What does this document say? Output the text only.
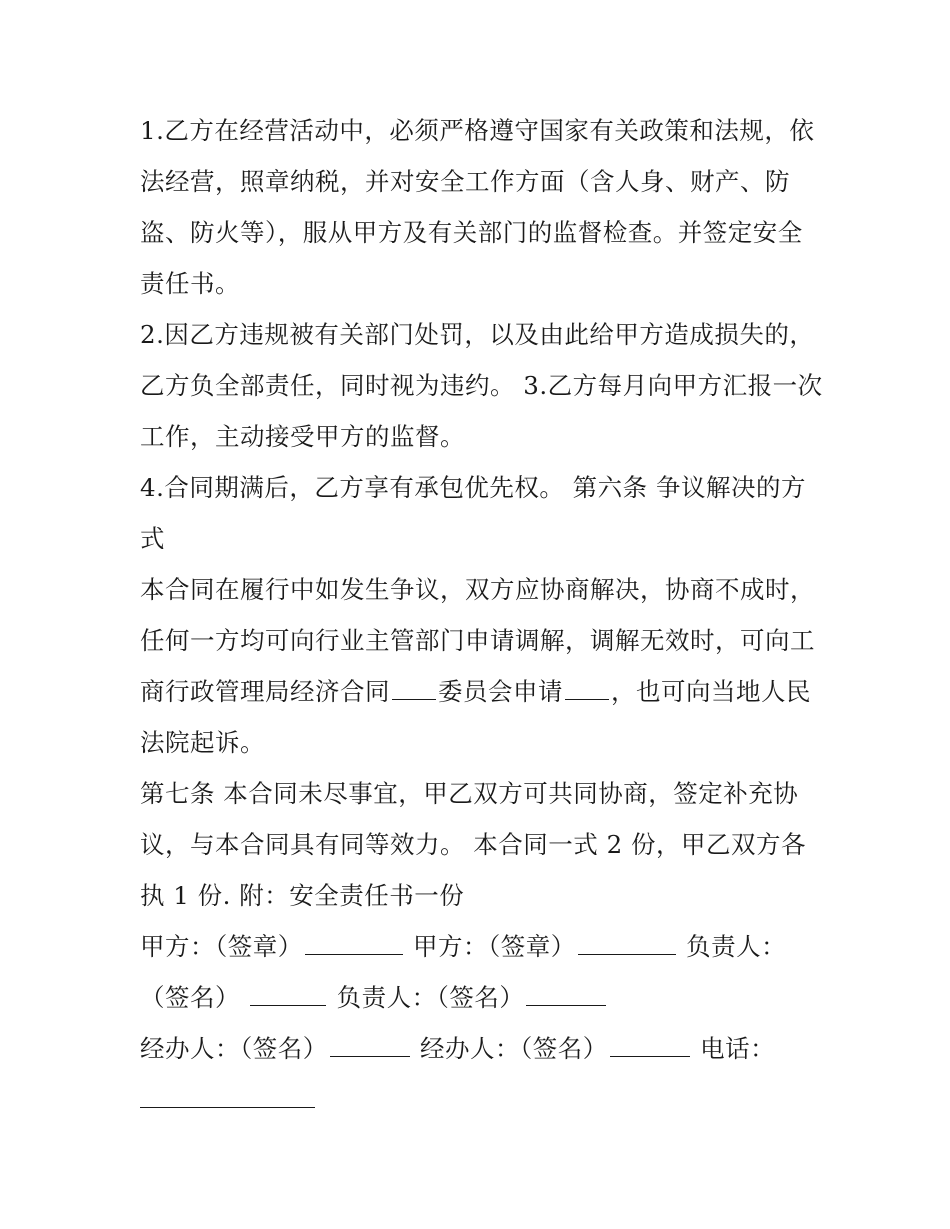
1.乙方在经营活动中，必须严格遵守国家有关政策和法规，依
法经营，照章纳税，并对安全工作方面（含人身、财产、防
盗、防火等），服从甲方及有关部门的监督检查。并签定安全
责任书。
2.因乙方违规被有关部门处罚，以及由此给甲方造成损失的，
乙方负全部责任，同时视为违约。 3.乙方每月向甲方汇报一次
工作，主动接受甲方的监督。
4.合同期满后，乙方享有承包优先权。 第六条 争议解决的方
式
本合同在履行中如发生争议，双方应协商解决，协商不成时，
任何一方均可向行业主管部门申请调解，调解无效时，可向工
商行政管理局经济合同 委员会申请 ，也可向当地人民
法院起诉。
第七条 本合同未尽事宜，甲乙双方可共同协商，签定补充协
议，与本合同具有同等效力。 本合同一式 2 份，甲乙双方各
执 1 份. 附：安全责任书一份
甲方：（签章）	甲方：（签章）	负责人：
（签名）	负责人：（签名）
经办人：（签名）	经办人：（签名）	电话：
